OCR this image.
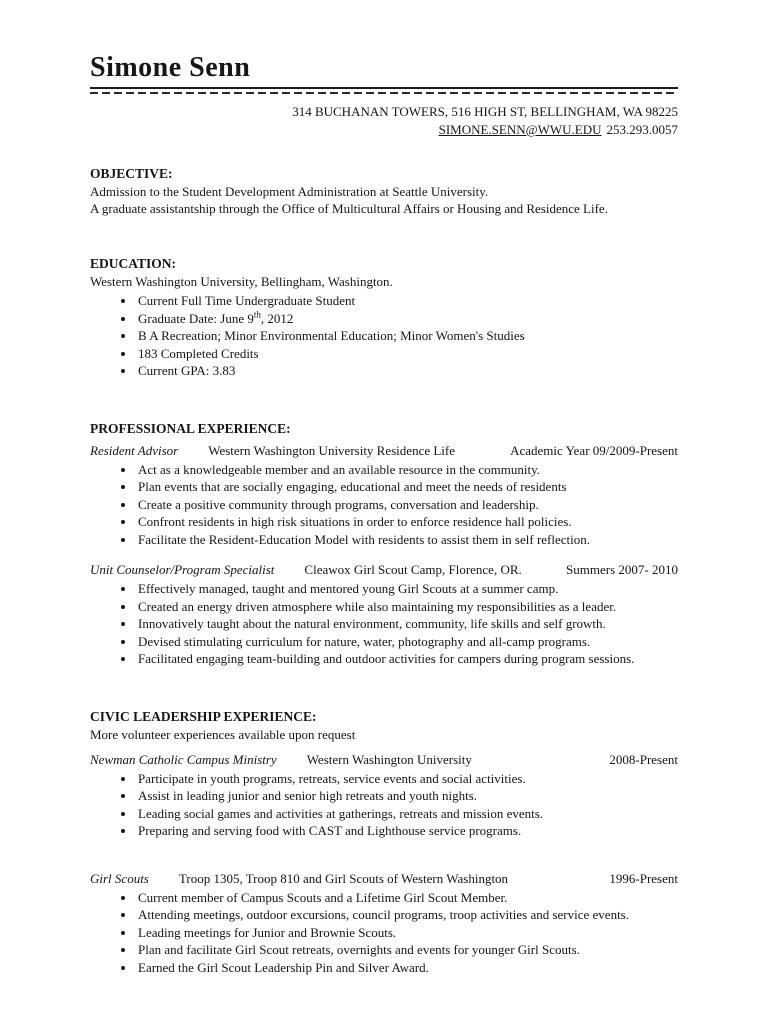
Simone Senn
314 BUCHANAN TOWERS, 516 HIGH ST, BELLINGHAM, WA 98225
SIMONE.SENN@WWU.EDU 253.293.0057
OBJECTIVE:
Admission to the Student Development Administration at Seattle University.
A graduate assistantship through the Office of Multicultural Affairs or Housing and Residence Life.
EDUCATION:
Western Washington University, Bellingham, Washington.
• Current Full Time Undergraduate Student
• Graduate Date: June 9th, 2012
• B A Recreation; Minor Environmental Education; Minor Women's Studies
• 183 Completed Credits
• Current GPA: 3.83
PROFESSIONAL EXPERIENCE:
Resident Advisor Western Washington University Residence Life	Academic Year 09/2009-Present
• Act as a knowledgeable member and an available resource in the community.
• Plan events that are socially engaging, educational and meet the needs of residents
• Create a positive community through programs, conversation and leadership.
• Confront residents in high risk situations in order to enforce residence hall policies.
• Facilitate the Resident-Education Model with residents to assist them in self reflection.
Unit Counselor/Program Specialist Cleawox Girl Scout Camp, Florence, OR.	Summers 2007- 2010
• Effectively managed, taught and mentored young Girl Scouts at a summer camp.
• Created an energy driven atmosphere while also maintaining my responsibilities as a leader.
• Innovatively taught about the natural environment, community, life skills and self growth.
• Devised stimulating curriculum for nature, water, photography and all-camp programs.
• Facilitated engaging team-building and outdoor activities for campers during program sessions.
CIVIC LEADERSHIP EXPERIENCE:
More volunteer experiences available upon request
Newman Catholic Campus Ministry Western Washington University	2008-Present
• Participate in youth programs, retreats, service events and social activities.
• Assist in leading junior and senior high retreats and youth nights.
• Leading social games and activities at gatherings, retreats and mission events.
• Preparing and serving food with CAST and Lighthouse service programs.
Girl Scouts Troop 1305, Troop 810 and Girl Scouts of Western Washington	1996-Present
• Current member of Campus Scouts and a Lifetime Girl Scout Member.
• Attending meetings, outdoor excursions, council programs, troop activities and service events.
• Leading meetings for Junior and Brownie Scouts.
• Plan and facilitate Girl Scout retreats, overnights and events for younger Girl Scouts.
• Earned the Girl Scout Leadership Pin and Silver Award.
